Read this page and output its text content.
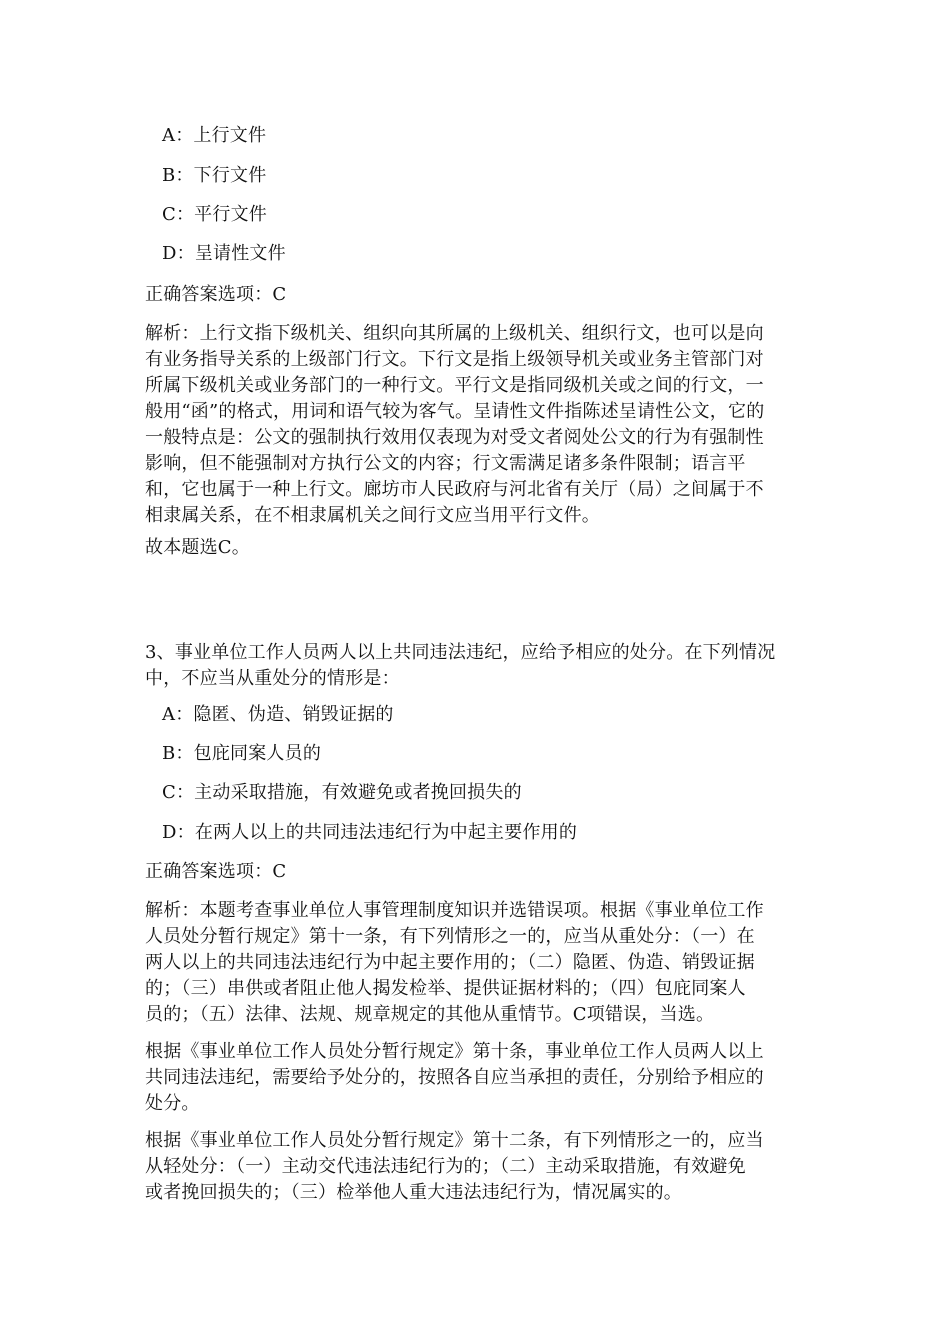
A：上行文件
B：下行文件
C：平行文件
D：呈请性文件
正确答案选项：C
解析：上行文指下级机关、组织向其所属的上级机关、组织行文，也可以是向
有业务指导关系的上级部门行文。下行文是指上级领导机关或业务主管部门对
所属下级机关或业务部门的一种行文。平行文是指同级机关或之间的行文，一
般用“函”的格式，用词和语气较为客气。呈请性文件指陈述呈请性公文，它的
一般特点是：公文的强制执行效用仅表现为对受文者阅处公文的行为有强制性
影响，但不能强制对方执行公文的内容；行文需满足诸多条件限制；语言平
和，它也属于一种上行文。廊坊市人民政府与河北省有关厅（局）之间属于不
相隶属关系，在不相隶属机关之间行文应当用平行文件。
故本题选C。
3、事业单位工作人员两人以上共同违法违纪，应给予相应的处分。在下列情况
中，不应当从重处分的情形是：
A：隐匿、伪造、销毁证据的
B：包庇同案人员的
C：主动采取措施，有效避免或者挽回损失的
D：在两人以上的共同违法违纪行为中起主要作用的
正确答案选项：C
解析：本题考查事业单位人事管理制度知识并选错误项。根据《事业单位工作
人员处分暂行规定》第十一条，有下列情形之一的，应当从重处分：（一）在
两人以上的共同违法违纪行为中起主要作用的；（二）隐匿、伪造、销毁证据
的；（三）串供或者阻止他人揭发检举、提供证据材料的；（四）包庇同案人
员的；（五）法律、法规、规章规定的其他从重情节。C项错误，当选。
根据《事业单位工作人员处分暂行规定》第十条，事业单位工作人员两人以上
共同违法违纪，需要给予处分的，按照各自应当承担的责任，分别给予相应的
处分。
根据《事业单位工作人员处分暂行规定》第十二条，有下列情形之一的，应当
从轻处分：（一）主动交代违法违纪行为的；（二）主动采取措施，有效避免
或者挽回损失的；（三）检举他人重大违法违纪行为，情况属实的。
